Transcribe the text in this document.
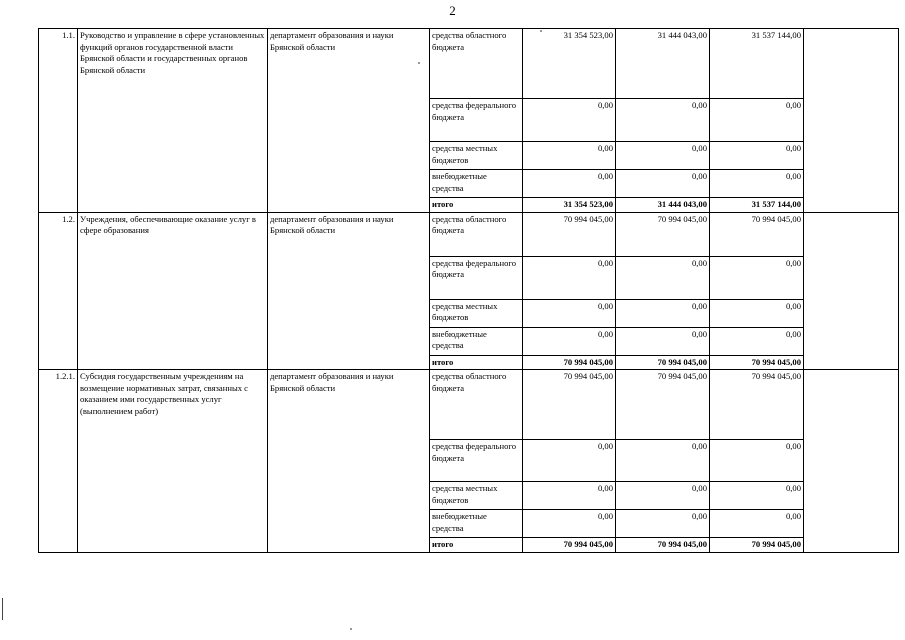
2
1.1.	Руководство и управление в сфере установленных функций органов государственной власти Брянской области и государственных органов Брянской области	департамент образования и науки Брянской области	средства областного бюджета	31 354 523,00	31 444 043,00	31 537 144,00	
			средства федерального бюджета	0,00	0,00	0,00	
			средства местных бюджетов	0,00	0,00	0,00	
			внебюджетные средства	0,00	0,00	0,00	
			итого	31 354 523,00	31 444 043,00	31 537 144,00	
1.2.	Учреждения, обеспечивающие оказание услуг в сфере образования	департамент образования и науки Брянской области	средства областного бюджета	70 994 045,00	70 994 045,00	70 994 045,00	
			средства федерального бюджета	0,00	0,00	0,00	
			средства местных бюджетов	0,00	0,00	0,00	
			внебюджетные средства	0,00	0,00	0,00	
			итого	70 994 045,00	70 994 045,00	70 994 045,00	
1.2.1.	Субсидия государственным учреждениям на возмещение нормативных затрат, связанных с оказанием ими государственных услуг (выполнением работ)	департамент образования и науки Брянской области	средства областного бюджета	70 994 045,00	70 994 045,00	70 994 045,00	
			средства федерального бюджета	0,00	0,00	0,00	
			средства местных бюджетов	0,00	0,00	0,00	
			внебюджетные средства	0,00	0,00	0,00	
			итого	70 994 045,00	70 994 045,00	70 994 045,00	
